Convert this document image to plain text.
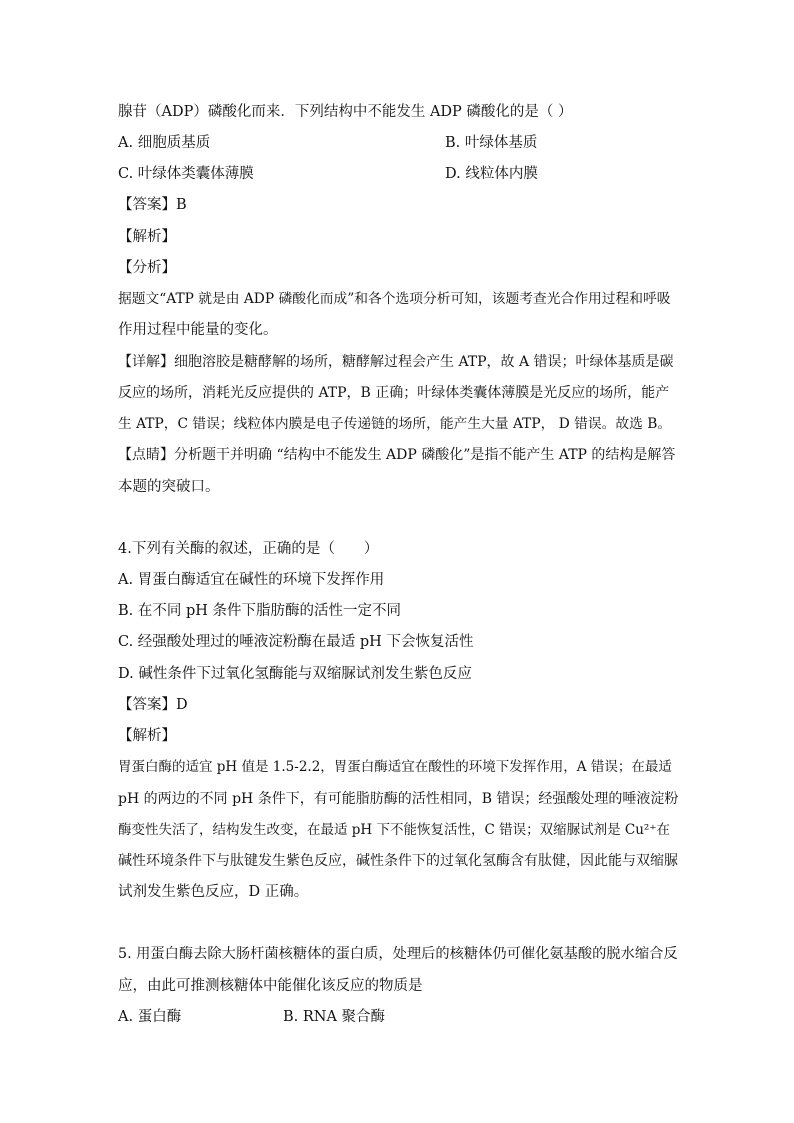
腺苷（ADP）磷酸化而来．下列结构中不能发生 ADP 磷酸化的是（ ）
A. 细胞质基质	B. 叶绿体基质
C. 叶绿体类囊体薄膜	D. 线粒体内膜
【答案】B
【解析】
【分析】
据题文“ATP 就是由 ADP 磷酸化而成”和各个选项分析可知，该题考查光合作用过程和呼吸
作用过程中能量的变化。
【详解】细胞溶胶是糖酵解的场所，糖酵解过程会产生 ATP，故 A 错误；叶绿体基质是碳
反应的场所，消耗光反应提供的 ATP，B 正确；叶绿体类囊体薄膜是光反应的场所，能产
生 ATP，C 错误；线粒体内膜是电子传递链的场所，能产生大量 ATP， D 错误。故选 B。
【点睛】分析题干并明确 “结构中不能发生 ADP 磷酸化”是指不能产生 ATP 的结构是解答
本题的突破口。
4.下列有关酶的叙述，正确的是（　　）
A. 胃蛋白酶适宜在碱性的环境下发挥作用
B. 在不同 pH 条件下脂肪酶的活性一定不同
C. 经强酸处理过的唾液淀粉酶在最适 pH 下会恢复活性
D. 碱性条件下过氧化氢酶能与双缩脲试剂发生紫色反应
【答案】D
【解析】
胃蛋白酶的适宜 pH 值是 1.5-2.2，胃蛋白酶适宜在酸性的环境下发挥作用，A 错误；在最适
pH 的两边的不同 pH 条件下，有可能脂肪酶的活性相同，B 错误；经强酸处理的唾液淀粉
酶变性失活了，结构发生改变，在最适 pH 下不能恢复活性，C 错误；双缩脲试剂是 Cu²⁺在
碱性环境条件下与肽键发生紫色反应，碱性条件下的过氧化氢酶含有肽健，因此能与双缩脲
试剂发生紫色反应，D 正确。
5. 用蛋白酶去除大肠杆菌核糖体的蛋白质，处理后的核糖体仍可催化氨基酸的脱水缩合反
应，由此可推测核糖体中能催化该反应的物质是
A. 蛋白酶	B. RNA 聚合酶
